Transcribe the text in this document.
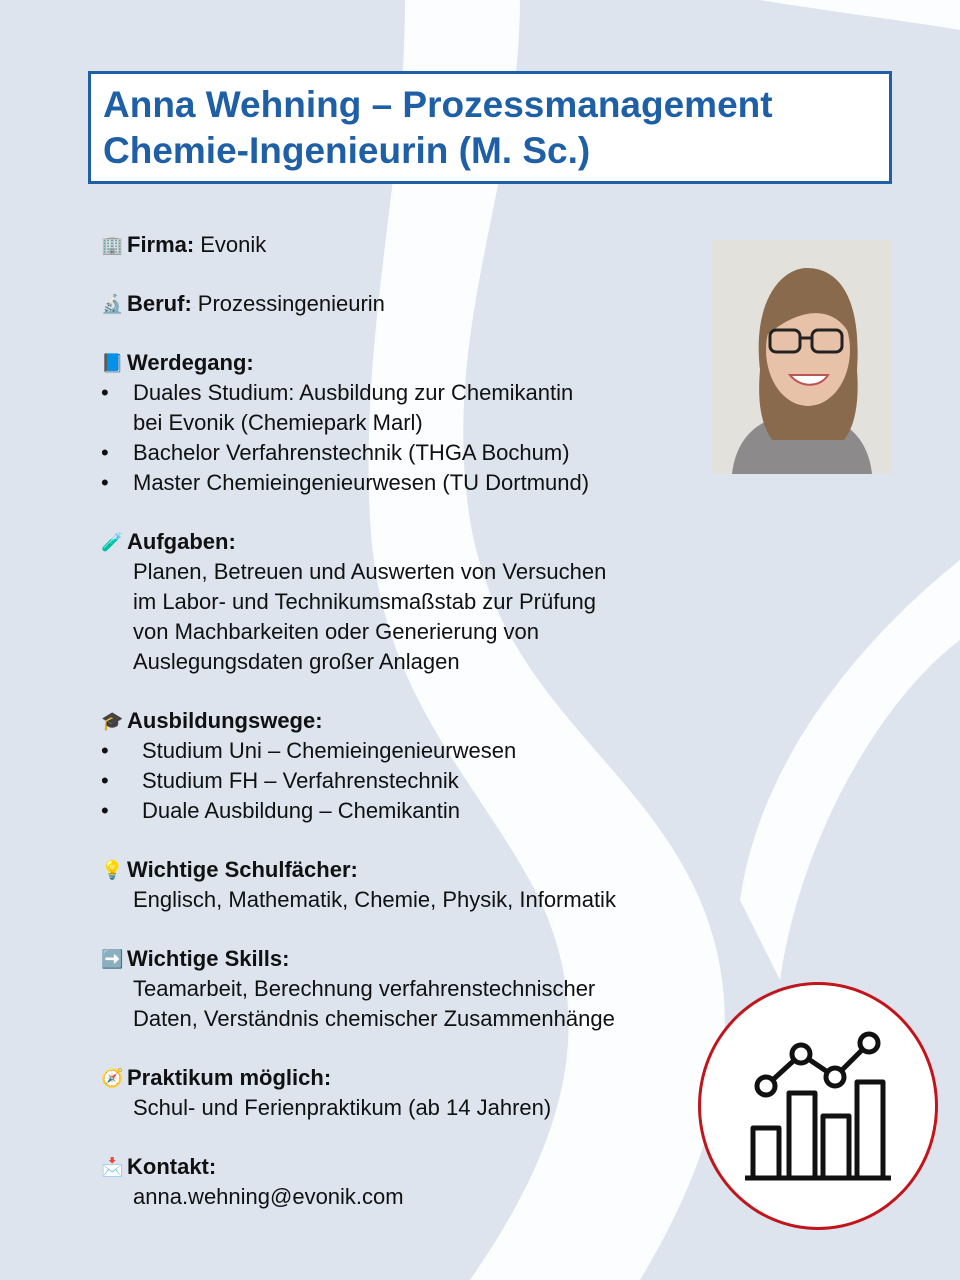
Anna Wehning – Prozessmanagement
Chemie-Ingenieurin (M. Sc.)
🏢 Firma: Evonik
🔬 Beruf: Prozessingenieurin
📘 Werdegang:
• Duales Studium: Ausbildung zur Chemikantin
bei Evonik (Chemiepark Marl)
• Bachelor Verfahrenstechnik (THGA Bochum)
• Master Chemieingenieurwesen (TU Dortmund)
🧪 Aufgaben:
Planen, Betreuen und Auswerten von Versuchen
im Labor- und Technikumsmaßstab zur Prüfung
von Machbarkeiten oder Generierung von
Auslegungsdaten großer Anlagen
🎓 Ausbildungswege:
• Studium Uni – Chemieingenieurwesen
• Studium FH – Verfahrenstechnik
• Duale Ausbildung – Chemikantin
💡 Wichtige Schulfächer:
Englisch, Mathematik, Chemie, Physik, Informatik
➡️ Wichtige Skills:
Teamarbeit, Berechnung verfahrenstechnischer
Daten, Verständnis chemischer Zusammenhänge
🧭 Praktikum möglich:
Schul- und Ferienpraktikum (ab 14 Jahren)
📩 Kontakt:
anna.wehning@evonik.com
